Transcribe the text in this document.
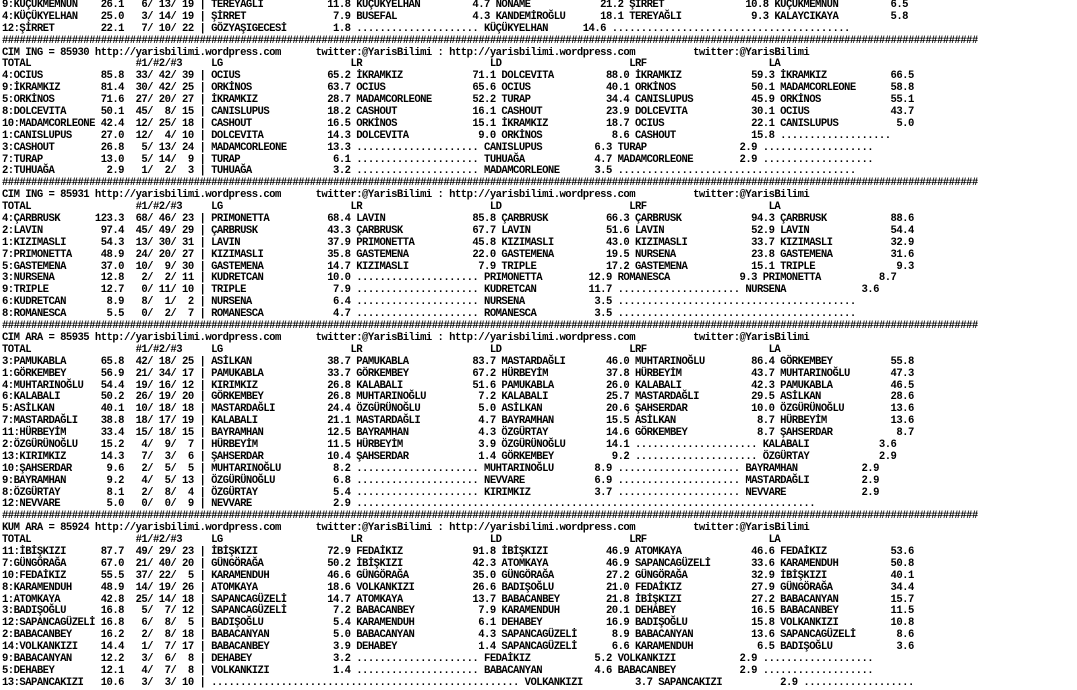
9:KÜÇÜKMEMNUN    26.1   6/ 13/ 19 | TEREYAĞLI           11.8 KÜÇÜKYELHAN         4.7 NONAME            21.2 ŞİRRET              10.8 KÜÇÜKMEMNUN         6.5
4:KÜÇÜKYELHAN    25.0   3/ 14/ 19 | ŞİRRET               7.9 BUSEFAL             4.3 KANDEMİROĞLU      18.1 TEREYAĞLI            9.3 KALAYCIKAYA         5.8
12:ŞİRRET        22.1   7/ 10/ 22 | GÖZYAŞIGECESİ        1.8 ..................... KÜÇÜKYELHAN      14.6 .........................................
########################################################################################################################################################################
CIM ING = 85930 http://yarisbilimi.wordpress.com      twitter:@YarisBilimi : http://yarisbilimi.wordpress.com          twitter:@YarisBilimi
TOTAL                  #1/#2/#3     LG                      LR                      LD                      LRF                     LA
4:OCIUS          85.8  33/ 42/ 39 | OCIUS               65.2 İKRAMKIZ            71.1 DOLCEVITA         88.0 İKRAMKIZ            59.3 İKRAMKIZ           66.5
9:İKRAMKIZ       81.4  30/ 42/ 25 | ORKİNOS             63.7 OCIUS               65.6 OCIUS             40.1 ORKİNOS             50.1 MADAMCORLEONE      58.8
5:ORKİNOS        71.6  27/ 20/ 27 | İKRAMKIZ            28.7 MADAMCORLEONE       52.2 TURAP             34.4 CANISLUPUS          45.9 ORKİNOS            55.1
8:DOLCEVITA      50.1  45/  8/ 15 | CANISLUPUS          18.2 CASHOUT             16.1 CASHOUT           23.9 DOLCEVITA           30.1 OCIUS              43.7
10:MADAMCORLEONE 42.4  12/ 25/ 18 | CASHOUT             16.5 ORKİNOS             15.1 İKRAMKIZ          18.7 OCIUS               22.1 CANISLUPUS          5.0
1:CANISLUPUS     27.0  12/  4/ 10 | DOLCEVITA           14.3 DOLCEVITA            9.0 ORKİNOS            8.6 CASHOUT             15.8 ...................
3:CASHOUT        26.8   5/ 13/ 24 | MADAMCORLEONE       13.3 ..................... CANISLUPUS         6.3 TURAP                2.9 ...................
7:TURAP          13.0   5/ 14/  9 | TURAP                6.1 ..................... TUHUAĞA            4.7 MADAMCORLEONE        2.9 ...................
2:TUHUAĞA         2.9   1/  2/  3 | TUHUAĞA              3.2 ..................... MADAMCORLEONE      3.5 .........................................
########################################################################################################################################################################
CIM ING = 85931 http://yarisbilimi.wordpress.com      twitter:@YarisBilimi : http://yarisbilimi.wordpress.com          twitter:@YarisBilimi
TOTAL                  #1/#2/#3     LG                      LR                      LD                      LRF                     LA
4:ÇARBRUSK      123.3  68/ 46/ 23 | PRIMONETTA          68.4 LAVIN               85.8 ÇARBRUSK          66.3 ÇARBRUSK            94.3 ÇARBRUSK           88.6
2:LAVIN          97.4  45/ 49/ 29 | ÇARBRUSK            43.3 ÇARBRUSK            67.7 LAVIN             51.6 LAVIN               52.9 LAVIN              54.4
1:KIZIMASLI      54.3  13/ 30/ 31 | LAVIN               37.9 PRIMONETTA          45.8 KIZIMASLI         43.0 KIZIMASLI           33.7 KIZIMASLI          32.9
7:PRIMONETTA     48.9  24/ 20/ 27 | KIZIMASLI           35.8 GASTEMENA           22.0 GASTEMENA         19.5 NURSENA             23.8 GASTEMENA          31.6
5:GASTEMENA      37.0  10/  9/ 30 | GASTEMENA           14.7 KIZIMASLI            7.9 TRIPLE            17.2 GASTEMENA           15.1 TRIPLE              9.3
3:NURSENA        12.8   2/  2/ 11 | KUDRETCAN           10.0 ..................... PRIMONETTA        12.9 ROMANESCA            9.3 PRIMONETTA          8.7
9:TRIPLE         12.7   0/ 11/ 10 | TRIPLE               7.9 ..................... KUDRETCAN         11.7 ..................... NURSENA             3.6
6:KUDRETCAN       8.9   8/  1/  2 | NURSENA              6.4 ..................... NURSENA            3.5 .........................................
8:ROMANESCA       5.5   0/  2/  7 | ROMANESCA            4.7 ..................... ROMANESCA          3.5 .........................................
########################################################################################################################################################################
CIM ARA = 85935 http://yarisbilimi.wordpress.com      twitter:@YarisBilimi : http://yarisbilimi.wordpress.com          twitter:@YarisBilimi
TOTAL                  #1/#2/#3     LG                      LR                      LD                      LRF                     LA
3:PAMUKABLA      65.8  42/ 18/ 25 | ASİLKAN             38.7 PAMUKABLA           83.7 MASTARDAĞLI       46.0 MUHTARINOĞLU        86.4 GÖRKEMBEY          55.8
1:GÖRKEMBEY      56.9  21/ 34/ 17 | PAMUKABLA           33.7 GÖRKEMBEY           67.2 HÜRBEYİM          37.8 HÜRBEYİM            43.7 MUHTARINOĞLU       47.3
4:MUHTARINOĞLU   54.4  19/ 16/ 12 | KIRIMKIZ            26.8 KALABALI            51.6 PAMUKABLA         26.0 KALABALI            42.3 PAMUKABLA          46.5
6:KALABALI       50.2  26/ 19/ 20 | GÖRKEMBEY           26.8 MUHTARINOĞLU         7.2 KALABALI          25.7 MASTARDAĞLI         29.5 ASİLKAN            28.6
5:ASİLKAN        40.1  10/ 18/ 18 | MASTARDAĞLI         24.4 ÖZGÜRÜNOĞLU          5.0 ASİLKAN           20.6 ŞAHSERDAR           10.0 ÖZGÜRÜNOĞLU        13.6
7:MASTARDAĞLI    38.8  18/ 17/ 19 | KALABALI            21.1 MASTARDAĞLI          4.7 BAYRAMHAN         15.5 ASİLKAN              8.7 HÜRBEYİM           13.6
11:HÜRBEYİM      33.4  15/ 18/ 15 | BAYRAMHAN           12.5 BAYRAMHAN            4.3 ÖZGÜRTAY          14.6 GÖRKEMBEY            8.7 ŞAHSERDAR           8.7
2:ÖZGÜRÜNOĞLU    15.2   4/  9/  7 | HÜRBEYİM            11.5 HÜRBEYİM             3.9 ÖZGÜRÜNOĞLU       14.1 ..................... KALABALI            3.6
13:KIRIMKIZ      14.3   7/  3/  6 | ŞAHSERDAR           10.4 ŞAHSERDAR            1.4 GÖRKEMBEY          9.2 ..................... ÖZGÜRTAY            2.9
10:ŞAHSERDAR      9.6   2/  5/  5 | MUHTARINOĞLU         8.2 ..................... MUHTARINOĞLU       8.9 ..................... BAYRAMHAN           2.9
9:BAYRAMHAN       9.2   4/  5/ 13 | ÖZGÜRÜNOĞLU          6.8 ..................... NEVVARE            6.9 ..................... MASTARDAĞLI         2.9
8:ÖZGÜRTAY        8.1   2/  8/  4 | ÖZGÜRTAY             5.4 ..................... KIRIMKIZ           3.7 ..................... NEVVARE             2.9
12:NEVVARE        5.0   0/  0/  9 | NEVVARE              2.9 ...............................................................................
########################################################################################################################################################################
KUM ARA = 85924 http://yarisbilimi.wordpress.com      twitter:@YarisBilimi : http://yarisbilimi.wordpress.com          twitter:@YarisBilimi
TOTAL                  #1/#2/#3     LG                      LR                      LD                      LRF                     LA
11:İBİŞKIZI      87.7  49/ 29/ 23 | İBİŞKIZI            72.9 FEDAİKIZ            91.8 İBİŞKIZI          46.9 ATOMKAYA            46.6 FEDAİKIZ           53.6
7:GÜNGÖRAĞA      67.0  21/ 40/ 20 | GÜNGÖRAĞA           50.2 İBİŞKIZI            42.3 ATOMKAYA          46.9 SAPANCAGÜZELİ       33.6 KARAMENDUH         50.8
10:FEDAİKIZ      55.5  37/ 22/  5 | KARAMENDUH          46.6 GÜNGÖRAĞA           35.0 GÜNGÖRAĞA         27.2 GÜNGÖRAĞA           32.9 İBİŞKIZI           40.1
8:KARAMENDUH     48.9  14/ 19/ 26 | ATOMKAYA            18.6 VOLKANKIZI          26.6 BADIŞOĞLU         21.0 FEDAİKIZ            27.9 GÜNGÖRAĞA          34.4
1:ATOMKAYA       42.8  25/ 14/ 18 | SAPANCAGÜZELİ       14.7 ATOMKAYA            13.7 BABACANBEY        21.8 İBİŞKIZI            27.2 BABACANYAN         15.7
3:BADIŞOĞLU      16.8   5/  7/ 12 | SAPANCAGÜZELİ        7.2 BABACANBEY           7.9 KARAMENDUH        20.1 DEHABEY             16.5 BABACANBEY         11.5
12:SAPANCAGÜZELİ 16.8   6/  8/  5 | BADIŞOĞLU            5.4 KARAMENDUH           6.1 DEHABEY           16.9 BADIŞOĞLU           15.8 VOLKANKIZI         10.8
2:BABACANBEY     16.2   2/  8/ 18 | BABACANYAN           5.0 BABACANYAN           4.3 SAPANCAGÜZELİ      8.9 BABACANYAN          13.6 SAPANCAGÜZELİ       8.6
14:VOLKANKIZI    14.4   1/  7/ 17 | BABACANBEY           3.9 DEHABEY              1.4 SAPANCAGÜZELİ      6.6 KARAMENDUH           6.5 BADIŞOĞLU           3.6
9:BABACANYAN     12.2   3/  6/  8 | DEHABEY              3.2 ..................... FEDAİKIZ           5.2 VOLKANKIZI           2.9 ...................
5:DEHABEY        12.1   4/  7/  8 | VOLKANKIZI           1.4 ..................... BABACANYAN         4.6 BABACANBEY           2.9 ...................
13:SAPANCAKIZI   10.6   3/  3/ 10 | ..................................................... VOLKANKIZI         3.7 SAPANCAKIZI          2.9 ...................
